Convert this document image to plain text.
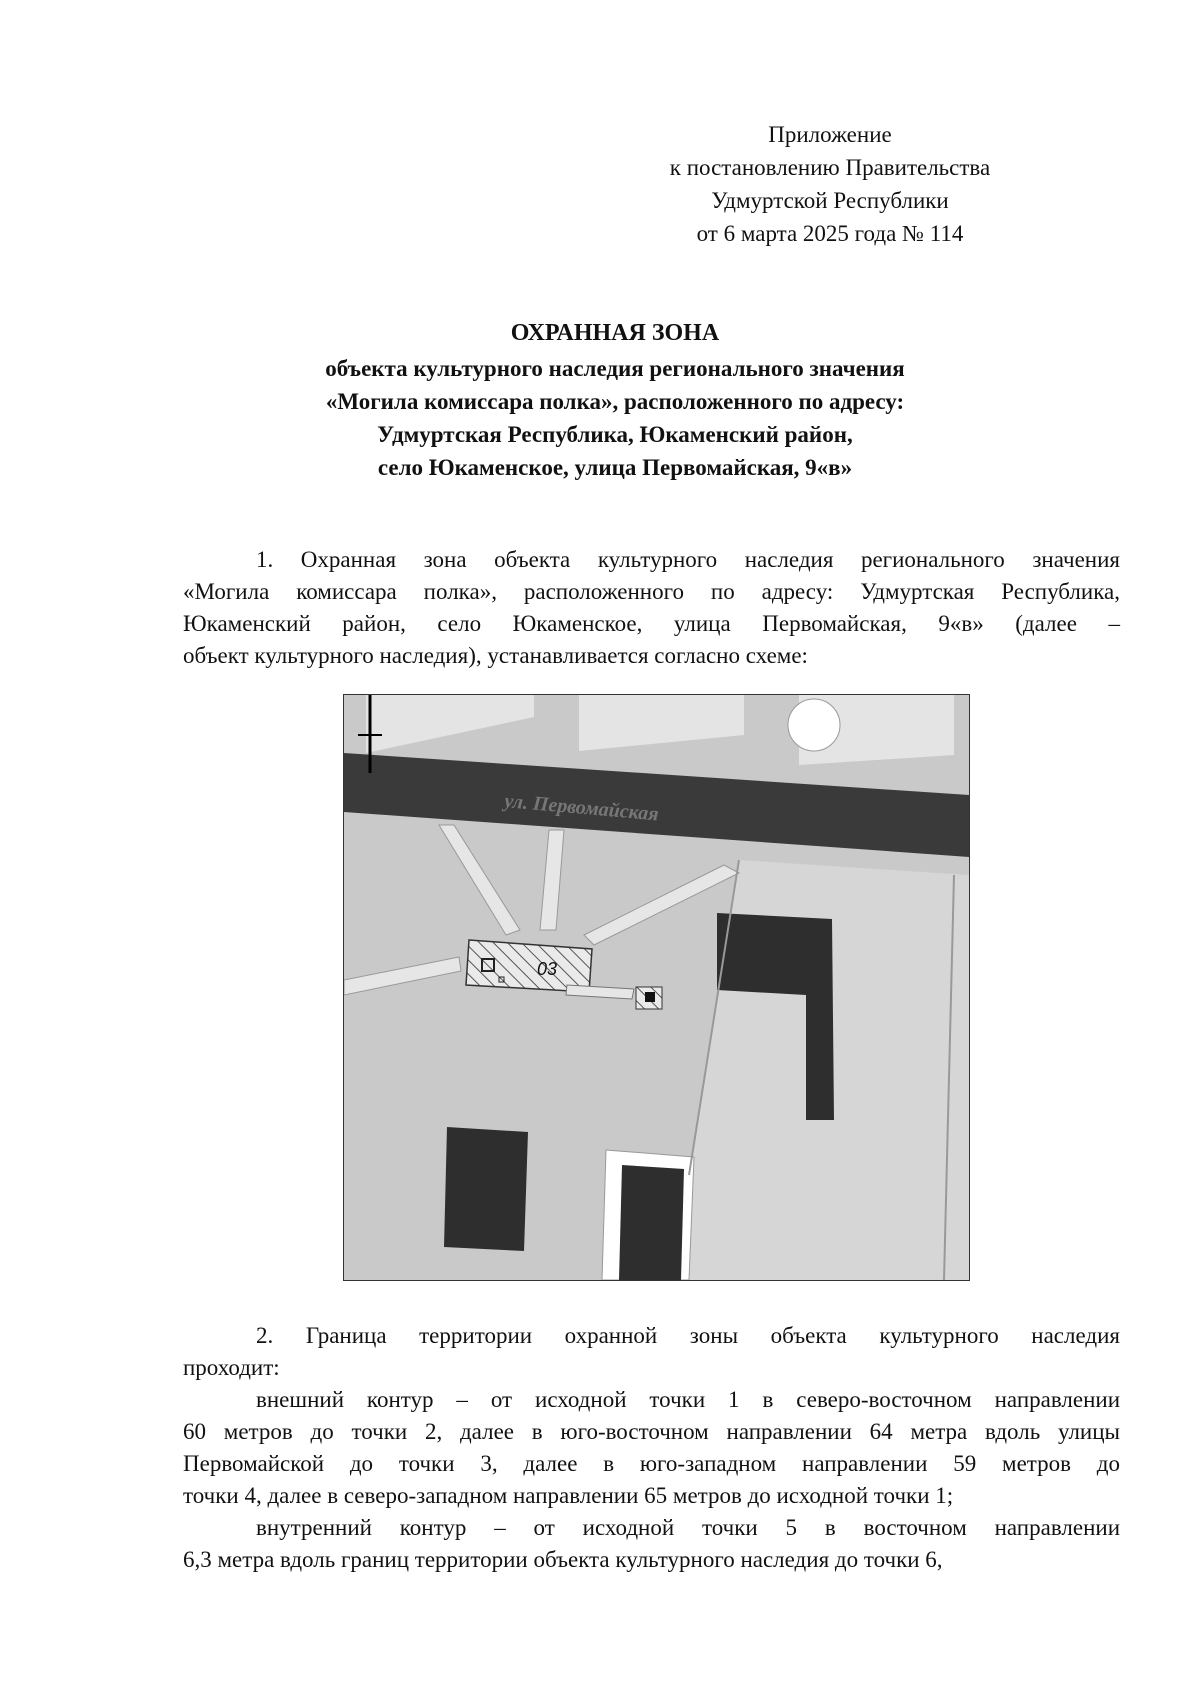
Приложение
к постановлению Правительства
Удмуртской Республики
от 6 марта 2025 года № 114
ОХРАННАЯ ЗОНА
объекта культурного наследия регионального значения
«Могила комиссара полка», расположенного по адресу:
Удмуртская Республика, Юкаменский район,
село Юкаменское, улица Первомайская, 9«в»
1. Охранная зона объекта культурного наследия регионального значения
«Могила комиссара полка», расположенного по адресу: Удмуртская Республика,
Юкаменский район, село Юкаменское, улица Первомайская, 9«в» (далее –
объект культурного наследия), устанавливается согласно схеме:
ул. Первомайская
03
2. Граница территории охранной зоны объекта культурного наследия
проходит:
внешний контур – от исходной точки 1 в северо-восточном направлении
60 метров до точки 2, далее в юго-восточном направлении 64 метра вдоль улицы
Первомайской до точки 3, далее в юго-западном направлении 59 метров до
точки 4, далее в северо-западном направлении 65 метров до исходной точки 1;
внутренний контур – от исходной точки 5 в восточном направлении
6,3 метра вдоль границ территории объекта культурного наследия до точки 6,
